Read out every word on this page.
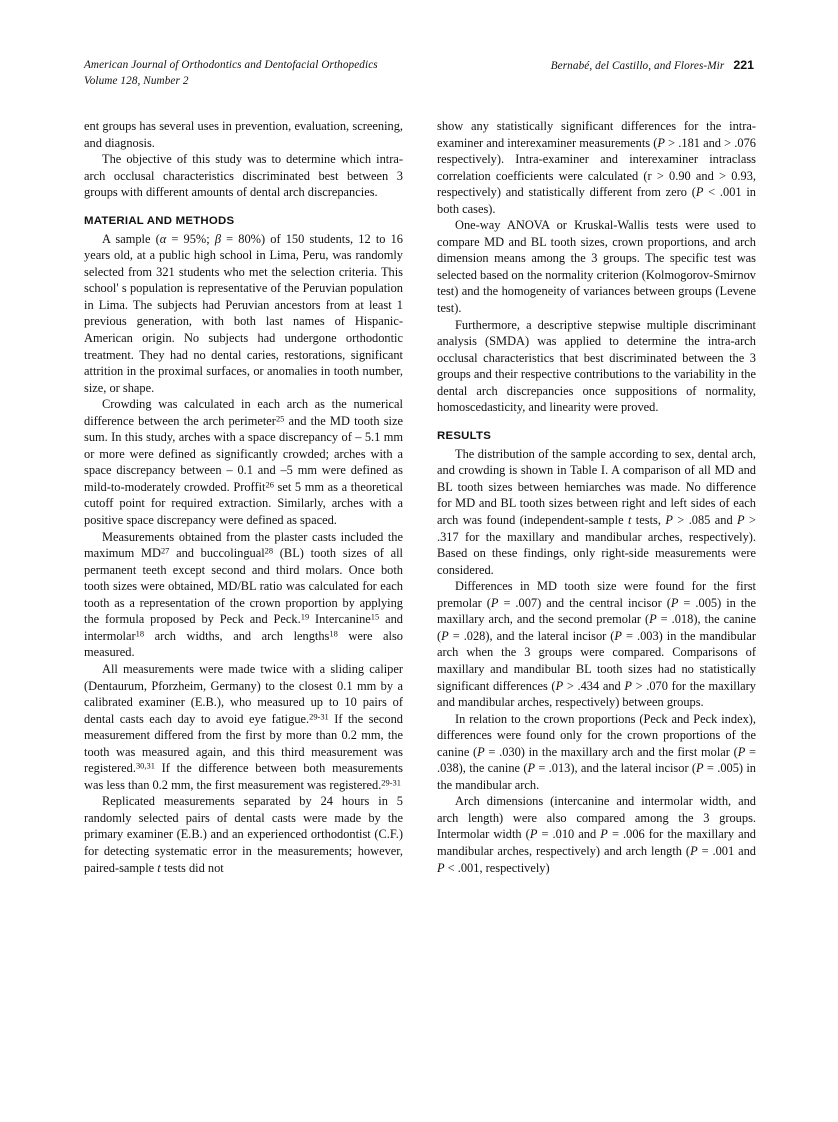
American Journal of Orthodontics and Dentofacial Orthopedics
Volume 128, Number 2
Bernabé, del Castillo, and Flores-Mir 221

ent groups has several uses in prevention, evaluation, screening, and diagnosis.

The objective of this study was to determine which intra-arch occlusal characteristics discriminated best between 3 groups with different amounts of dental arch discrepancies.

MATERIAL AND METHODS

A sample (α = 95%; β = 80%) of 150 students, 12 to 16 years old, at a public high school in Lima, Peru, was randomly selected from 321 students who met the selection criteria. This school' s population is representative of the Peruvian population in Lima. The subjects had Peruvian ancestors from at least 1 previous generation, with both last names of Hispanic-American origin. No subjects had undergone orthodontic treatment. They had no dental caries, restorations, significant attrition in the proximal surfaces, or anomalies in tooth number, size, or shape.

Crowding was calculated in each arch as the numerical difference between the arch perimeter$^{25}$ and the MD tooth size sum. In this study, arches with a space discrepancy of – 5.1 mm or more were defined as significantly crowded; arches with a space discrepancy between – 0.1 and –5 mm were defined as mild-to-moderately crowded. Proffit$^{26}$ set 5 mm as a theoretical cutoff point for required extraction. Similarly, arches with a positive space discrepancy were defined as spaced.

Measurements obtained from the plaster casts included the maximum MD$^{27}$ and buccolingual$^{28}$ (BL) tooth sizes of all permanent teeth except second and third molars. Once both tooth sizes were obtained, MD/BL ratio was calculated for each tooth as a representation of the crown proportion by applying the formula proposed by Peck and Peck.$^{19}$ Intercanine$^{15}$ and intermolar$^{18}$ arch widths, and arch lengths$^{18}$ were also measured.

All measurements were made twice with a sliding caliper (Dentaurum, Pforzheim, Germany) to the closest 0.1 mm by a calibrated examiner (E.B.), who measured up to 10 pairs of dental casts each day to avoid eye fatigue.$^{29-31}$ If the second measurement differed from the first by more than 0.2 mm, the tooth was measured again, and this third measurement was registered.$^{30,31}$ If the difference between both measurements was less than 0.2 mm, the first measurement was registered.$^{29-31}$

Replicated measurements separated by 24 hours in 5 randomly selected pairs of dental casts were made by the primary examiner (E.B.) and an experienced orthodontist (C.F.) for detecting systematic error in the measurements; however, paired-sample t tests did not

show any statistically significant differences for the intra-examiner and interexaminer measurements (P > .181 and > .076 respectively). Intra-examiner and interexaminer intraclass correlation coefficients were calculated (r > 0.90 and > 0.93, respectively) and statistically different from zero (P < .001 in both cases).

One-way ANOVA or Kruskal-Wallis tests were used to compare MD and BL tooth sizes, crown proportions, and arch dimension means among the 3 groups. The specific test was selected based on the normality criterion (Kolmogorov-Smirnov test) and the homogeneity of variances between groups (Levene test).

Furthermore, a descriptive stepwise multiple discriminant analysis (SMDA) was applied to determine the intra-arch occlusal characteristics that best discriminated between the 3 groups and their respective contributions to the variability in the dental arch discrepancies once suppositions of normality, homoscedasticity, and linearity were proved.

RESULTS

The distribution of the sample according to sex, dental arch, and crowding is shown in Table I. A comparison of all MD and BL tooth sizes between hemiarches was made. No difference for MD and BL tooth sizes between right and left sides of each arch was found (independent-sample t tests, P > .085 and P > .317 for the maxillary and mandibular arches, respectively). Based on these findings, only right-side measurements were considered.

Differences in MD tooth size were found for the first premolar (P = .007) and the central incisor (P = .005) in the maxillary arch, and the second premolar (P = .018), the canine (P = .028), and the lateral incisor (P = .003) in the mandibular arch when the 3 groups were compared. Comparisons of maxillary and mandibular BL tooth sizes had no statistically significant differences (P > .434 and P > .070 for the maxillary and mandibular arches, respectively) between groups.

In relation to the crown proportions (Peck and Peck index), differences were found only for the crown proportions of the canine (P = .030) in the maxillary arch and the first molar (P = .038), the canine (P = .013), and the lateral incisor (P = .005) in the mandibular arch.

Arch dimensions (intercanine and intermolar width, and arch length) were also compared among the 3 groups. Intermolar width (P = .010 and P = .006 for the maxillary and mandibular arches, respectively) and arch length (P = .001 and P < .001, respectively)
